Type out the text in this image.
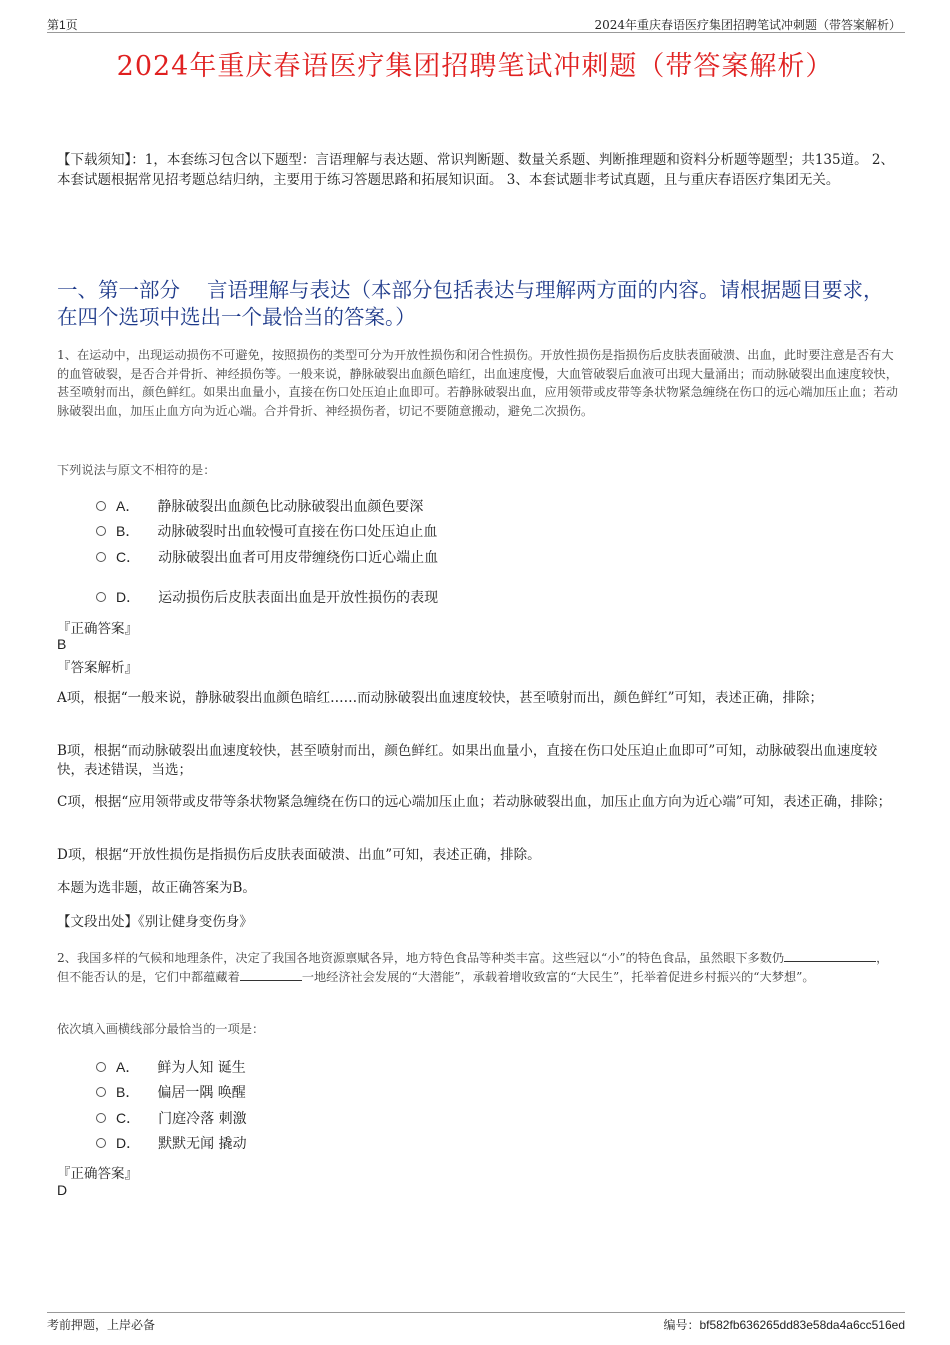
第1页	2024年重庆春语医疗集团招聘笔试冲刺题（带答案解析）
2024年重庆春语医疗集团招聘笔试冲刺题（带答案解析）
【下载须知】：1，本套练习包含以下题型：言语理解与表达题、常识判断题、数量关系题、判断推理题和资料分析题等题型；共135道。 2、本套试题根据常见招考题总结归纳，主要用于练习答题思路和拓展知识面。 3、本套试题非考试真题，且与重庆春语医疗集团无关。
一、第一部分　 言语理解与表达（本部分包括表达与理解两方面的内容。请根据题目要求，在四个选项中选出一个最恰当的答案。）
1、在运动中，出现运动损伤不可避免，按照损伤的类型可分为开放性损伤和闭合性损伤。开放性损伤是指损伤后皮肤表面破溃、出血，此时要注意是否有大的血管破裂，是否合并骨折、神经损伤等。一般来说，静脉破裂出血颜色暗红，出血速度慢，大血管破裂后血液可出现大量涌出；而动脉破裂出血速度较快，甚至喷射而出，颜色鲜红。如果出血量小，直接在伤口处压迫止血即可。若静脉破裂出血，应用领带或皮带等条状物紧急缠绕在伤口的远心端加压止血；若动脉破裂出血，加压止血方向为近心端。合并骨折、神经损伤者，切记不要随意搬动，避免二次损伤。
下列说法与原文不相符的是：
A． 静脉破裂出血颜色比动脉破裂出血颜色要深
B． 动脉破裂时出血较慢可直接在伤口处压迫止血
C． 动脉破裂出血者可用皮带缠绕伤口近心端止血
D． 运动损伤后皮肤表面出血是开放性损伤的表现
『正确答案』
B
『答案解析』
A项，根据“一般来说，静脉破裂出血颜色暗红……而动脉破裂出血速度较快，甚至喷射而出，颜色鲜红”可知，表述正确，排除；
B项，根据“而动脉破裂出血速度较快，甚至喷射而出，颜色鲜红。如果出血量小，直接在伤口处压迫止血即可”可知，动脉破裂出血速度较快，表述错误，当选；
C项，根据“应用领带或皮带等条状物紧急缠绕在伤口的远心端加压止血；若动脉破裂出血，加压止血方向为近心端”可知，表述正确，排除；
D项，根据“开放性损伤是指损伤后皮肤表面破溃、出血”可知，表述正确，排除。
本题为选非题，故正确答案为B。
【文段出处】《别让健身变伤身》
2、我国多样的气候和地理条件，决定了我国各地资源禀赋各异，地方特色食品等种类丰富。这些冠以“小”的特色食品，虽然眼下多数仍	，但不能否认的是，它们中都蕴藏着	一地经济社会发展的“大潜能”，承载着增收致富的“大民生”，托举着促进乡村振兴的“大梦想”。
依次填入画横线部分最恰当的一项是：
A． 鲜为人知 诞生
B． 偏居一隅 唤醒
C． 门庭冷落 刺激
D． 默默无闻 撬动
『正确答案』
D
考前押题，上岸必备	编号：bf582fb636265dd83e58da4a6cc516ed
